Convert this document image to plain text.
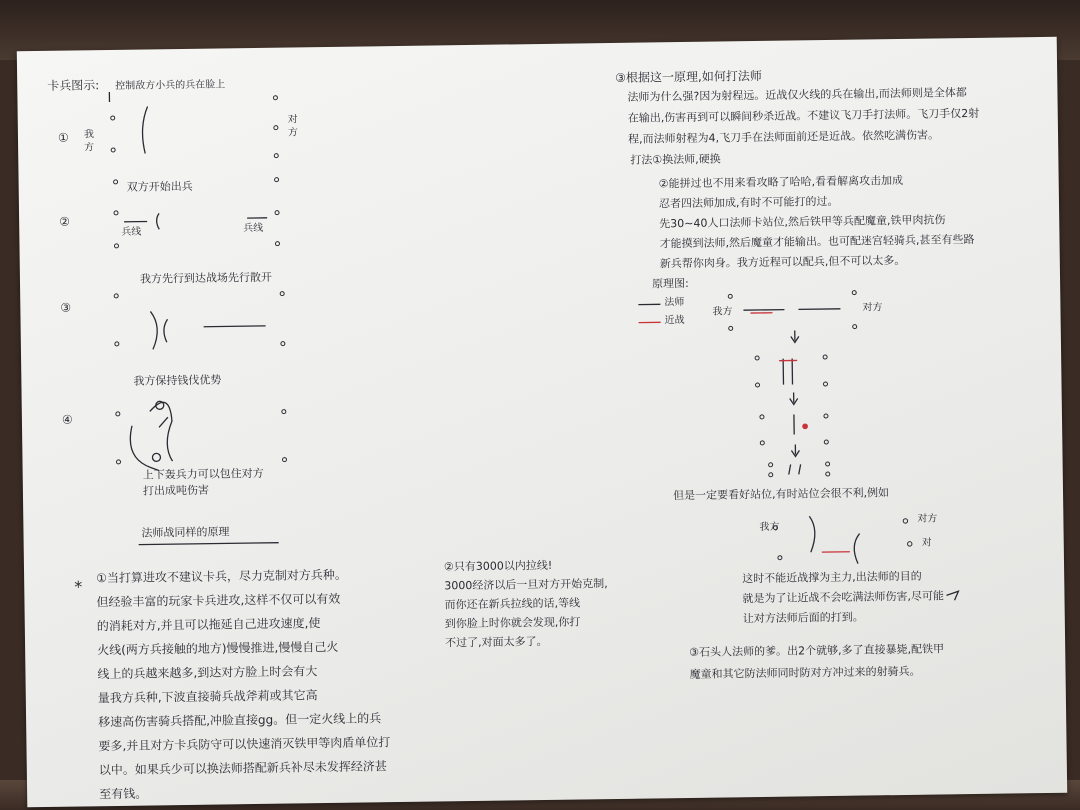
卡兵图示: 控制敌方小兵的兵在脸上
① 我方
对方
②
双方开始出兵
兵线	兵线
③
我方先行到达战场先行散开
④
我方保持钱伐优势
上下轰兵力可以包住对方
打出成吨伤害
法师战同样的原理
*
①当打算进攻不建议卡兵，尽力克制对方兵种。
但经验丰富的玩家卡兵进攻,这样不仅可以有效
的消耗对方,并且可以拖延自己进攻速度,使
火线(两方兵接触的地方)慢慢推进,慢慢自己火
线上的兵越来越多,到达对方脸上时会有大
量我方兵种,下波直接骑兵战斧莉或其它高
移速高伤害骑兵搭配,冲脸直接gg。但一定火线上的兵
要多,并且对方卡兵防守可以快速消灭铁甲等肉盾单位打
以中。如果兵少可以换法师搭配新兵补尽未发挥经济甚
至有钱。
②只有3000以内拉线!
3000经济以后一旦对方开始克制,
而你还在新兵拉线的话,等线
到你脸上时你就会发现,你打
不过了,对面太多了。
③根据这一原理,如何打法师
法师为什么强?因为射程远。近战仅火线的兵在输出,而法师则是全体都
在输出,伤害再到可以瞬间秒杀近战。不建议飞刀手打法师。飞刀手仅2射
程,而法师射程为4,飞刀手在法师面前还是近战。依然吃满伤害。
打法①换法师,硬换
②能拼过也不用来看攻略了哈哈,看看解离攻击加成
忍者四法师加成,有时不可能打的过。
先30~40人口法师卡站位,然后铁甲等兵配魔童,铁甲肉抗伤
才能摸到法师,然后魔童才能输出。也可配迷宫轻骑兵,甚至有些路
新兵帮你肉身。我方近程可以配兵,但不可以太多。
原理图:
法师
近战
我方	对方
但是一定要看好站位,有时站位会很不利,例如
我方
对方
对
这时不能近战撑为主力,出法师的目的
就是为了让近战不会吃满法师伤害,尽可能
让对方法师后面的打到。
③石头人法师的爹。出2个就够,多了直接暴毙,配铁甲
魔童和其它防法师同时防对方冲过来的射骑兵。
